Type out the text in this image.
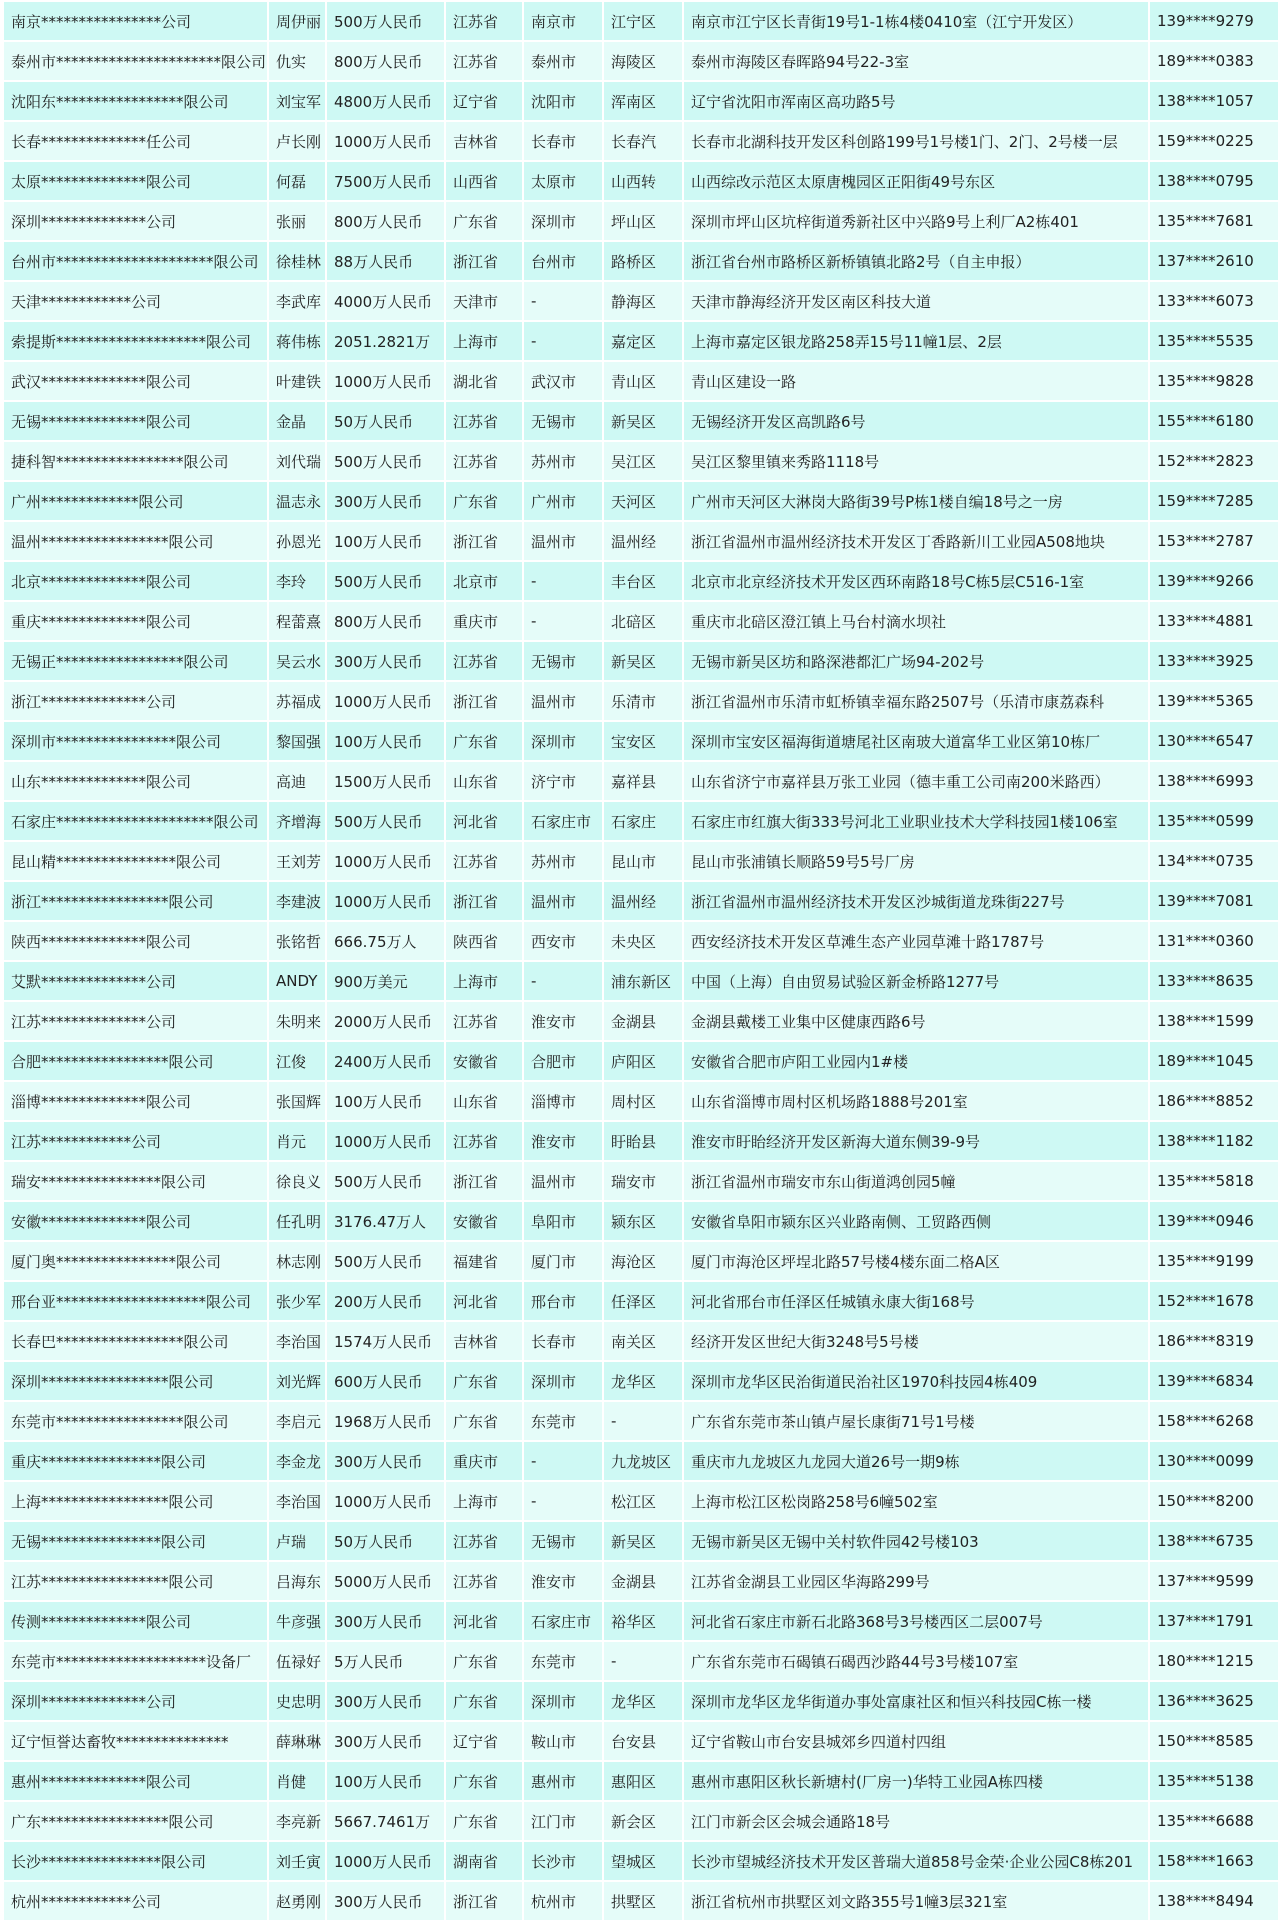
南京****************公司	周伊丽	500万人民币	江苏省	南京市	江宁区	南京市江宁区长青街19号1-1栋4楼0410室（江宁开发区）	139****9279
泰州市**********************限公司	仇实	800万人民币	江苏省	泰州市	海陵区	泰州市海陵区春晖路94号22-3室	189****0383
沈阳东*****************限公司	刘宝军	4800万人民币	辽宁省	沈阳市	浑南区	辽宁省沈阳市浑南区高功路5号	138****1057
长春**************任公司	卢长刚	1000万人民币	吉林省	长春市	长春汽	长春市北湖科技开发区科创路199号1号楼1门、2门、2号楼一层	159****0225
太原**************限公司	何磊	7500万人民币	山西省	太原市	山西转	山西综改示范区太原唐槐园区正阳街49号东区	138****0795
深圳**************公司	张丽	800万人民币	广东省	深圳市	坪山区	深圳市坪山区坑梓街道秀新社区中兴路9号上利厂A2栋401	135****7681
台州市*********************限公司	徐桂林	88万人民币	浙江省	台州市	路桥区	浙江省台州市路桥区新桥镇镇北路2号（自主申报）	137****2610
天津************公司	李武库	4000万人民币	天津市	-	静海区	天津市静海经济开发区南区科技大道	133****6073
索提斯********************限公司	蒋伟栋	2051.2821万	上海市	-	嘉定区	上海市嘉定区银龙路258弄15号11幢1层、2层	135****5535
武汉**************限公司	叶建铁	1000万人民币	湖北省	武汉市	青山区	青山区建设一路	135****9828
无锡**************限公司	金晶	50万人民币	江苏省	无锡市	新吴区	无锡经济开发区高凯路6号	155****6180
捷科智*****************限公司	刘代瑞	500万人民币	江苏省	苏州市	吴江区	吴江区黎里镇来秀路1118号	152****2823
广州*************限公司	温志永	300万人民币	广东省	广州市	天河区	广州市天河区大淋岗大路街39号P栋1楼自编18号之一房	159****7285
温州*****************限公司	孙恩光	100万人民币	浙江省	温州市	温州经	浙江省温州市温州经济技术开发区丁香路新川工业园A508地块	153****2787
北京**************限公司	李玲	500万人民币	北京市	-	丰台区	北京市北京经济技术开发区西环南路18号C栋5层C516-1室	139****9266
重庆**************限公司	程蕾熹	800万人民币	重庆市	-	北碚区	重庆市北碚区澄江镇上马台村滴水坝社	133****4881
无锡正*****************限公司	吴云水	300万人民币	江苏省	无锡市	新吴区	无锡市新吴区坊和路深港都汇广场94-202号	133****3925
浙江**************公司	苏福成	1000万人民币	浙江省	温州市	乐清市	浙江省温州市乐清市虹桥镇幸福东路2507号（乐清市康荔森科	139****5365
深圳市****************限公司	黎国强	100万人民币	广东省	深圳市	宝安区	深圳市宝安区福海街道塘尾社区南玻大道富华工业区第10栋厂	130****6547
山东**************限公司	高迪	1500万人民币	山东省	济宁市	嘉祥县	山东省济宁市嘉祥县万张工业园（德丰重工公司南200米路西）	138****6993
石家庄*********************限公司	齐增海	500万人民币	河北省	石家庄市	石家庄	石家庄市红旗大街333号河北工业职业技术大学科技园1楼106室	135****0599
昆山精****************限公司	王刘芳	1000万人民币	江苏省	苏州市	昆山市	昆山市张浦镇长顺路59号5号厂房	134****0735
浙江*****************限公司	李建波	1000万人民币	浙江省	温州市	温州经	浙江省温州市温州经济技术开发区沙城街道龙珠街227号	139****7081
陕西**************限公司	张铭哲	666.75万人	陕西省	西安市	未央区	西安经济技术开发区草滩生态产业园草滩十路1787号	131****0360
艾默**************公司	ANDY	900万美元	上海市	-	浦东新区	中国（上海）自由贸易试验区新金桥路1277号	133****8635
江苏**************公司	朱明来	2000万人民币	江苏省	淮安市	金湖县	金湖县戴楼工业集中区健康西路6号	138****1599
合肥*****************限公司	江俊	2400万人民币	安徽省	合肥市	庐阳区	安徽省合肥市庐阳工业园内1#楼	189****1045
淄博**************限公司	张国辉	100万人民币	山东省	淄博市	周村区	山东省淄博市周村区机场路1888号201室	186****8852
江苏************公司	肖元	1000万人民币	江苏省	淮安市	盱眙县	淮安市盱眙经济开发区新海大道东侧39-9号	138****1182
瑞安****************限公司	徐良义	500万人民币	浙江省	温州市	瑞安市	浙江省温州市瑞安市东山街道鸿创园5幢	135****5818
安徽**************限公司	任孔明	3176.47万人	安徽省	阜阳市	颍东区	安徽省阜阳市颍东区兴业路南侧、工贸路西侧	139****0946
厦门奥****************限公司	林志刚	500万人民币	福建省	厦门市	海沧区	厦门市海沧区坪埕北路57号楼4楼东面二格A区	135****9199
邢台亚********************限公司	张少军	200万人民币	河北省	邢台市	任泽区	河北省邢台市任泽区任城镇永康大街168号	152****1678
长春巴*****************限公司	李治国	1574万人民币	吉林省	长春市	南关区	经济开发区世纪大街3248号5号楼	186****8319
深圳*****************限公司	刘光辉	600万人民币	广东省	深圳市	龙华区	深圳市龙华区民治街道民治社区1970科技园4栋409	139****6834
东莞市*****************限公司	李启元	1968万人民币	广东省	东莞市	-	广东省东莞市茶山镇卢屋长康街71号1号楼	158****6268
重庆****************限公司	李金龙	300万人民币	重庆市	-	九龙坡区	重庆市九龙坡区九龙园大道26号一期9栋	130****0099
上海*****************限公司	李治国	1000万人民币	上海市	-	松江区	上海市松江区松岗路258号6幢502室	150****8200
无锡****************限公司	卢瑞	50万人民币	江苏省	无锡市	新吴区	无锡市新吴区无锡中关村软件园42号楼103	138****6735
江苏*****************限公司	吕海东	5000万人民币	江苏省	淮安市	金湖县	江苏省金湖县工业园区华海路299号	137****9599
传测**************限公司	牛彦强	300万人民币	河北省	石家庄市	裕华区	河北省石家庄市新石北路368号3号楼西区二层007号	137****1791
东莞市********************设备厂	伍禄好	5万人民币	广东省	东莞市	-	广东省东莞市石碣镇石碣西沙路44号3号楼107室	180****1215
深圳**************公司	史忠明	300万人民币	广东省	深圳市	龙华区	深圳市龙华区龙华街道办事处富康社区和恒兴科技园C栋一楼	136****3625
辽宁恒誉达畜牧***************	薛琳琳	300万人民币	辽宁省	鞍山市	台安县	辽宁省鞍山市台安县城郊乡四道村四组	150****8585
惠州**************限公司	肖健	100万人民币	广东省	惠州市	惠阳区	惠州市惠阳区秋长新塘村(厂房一)华特工业园A栋四楼	135****5138
广东*****************限公司	李亮新	5667.7461万	广东省	江门市	新会区	江门市新会区会城会通路18号	135****6688
长沙****************限公司	刘壬寅	1000万人民币	湖南省	长沙市	望城区	长沙市望城经济技术开发区普瑞大道858号金荣·企业公园C8栋201	158****1663
杭州************公司	赵勇刚	300万人民币	浙江省	杭州市	拱墅区	浙江省杭州市拱墅区刘文路355号1幢3层321室	138****8494
